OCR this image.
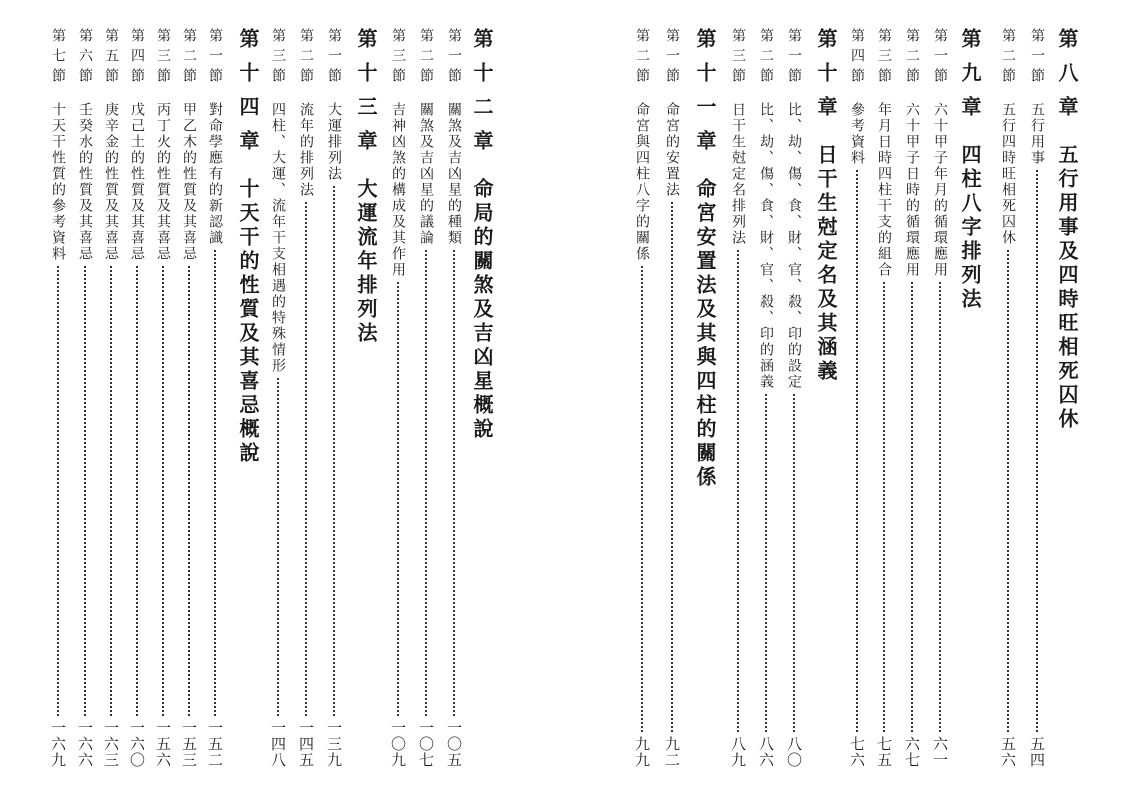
第八章
五行用事及四時旺相死囚休
第一節
五行用事
五四
第二節
五行四時旺相死囚休
五六
第九章
四柱八字排列法
第一節
六十甲子年月的循環應用
六一
第二節
六十甲子日時的循環應用
六七
第三節
年月日時四柱干支的組合
七五
第四節
參考資料
七六
第十章
日干生尅定名及其涵義
第一節
比、劫、傷、食、財、官、殺、印的設定
八〇
第二節
比、劫、傷、食、財、官、殺、印的涵義
八六
第三節
日干生尅定名排列法
八九
第十一章
命宮安置法及其與四柱的關係
第一節
命宮的安置法
九二
第二節
命宮與四柱八字的關係
九九
第十二章
命局的關煞及吉凶星概說
第一節
關煞及吉凶星的種類
一〇五
第二節
關煞及吉凶星的議論
一〇七
第三節
吉神凶煞的構成及其作用
一〇九
第十三章
大運流年排列法
第一節
大運排列法
一三九
第二節
流年的排列法
一四五
第三節
四柱、大運、流年干支相遇的特殊情形
一四八
第十四章
十天干的性質及其喜忌概說
第一節
對命學應有的新認識
一五二
第二節
甲乙木的性質及其喜忌
一五三
第三節
丙丁火的性質及其喜忌
一五六
第四節
戊己土的性質及其喜忌
一六〇
第五節
庚辛金的性質及其喜忌
一六三
第六節
壬癸水的性質及其喜忌
一六六
第七節
十天干性質的參考資料
一六九
